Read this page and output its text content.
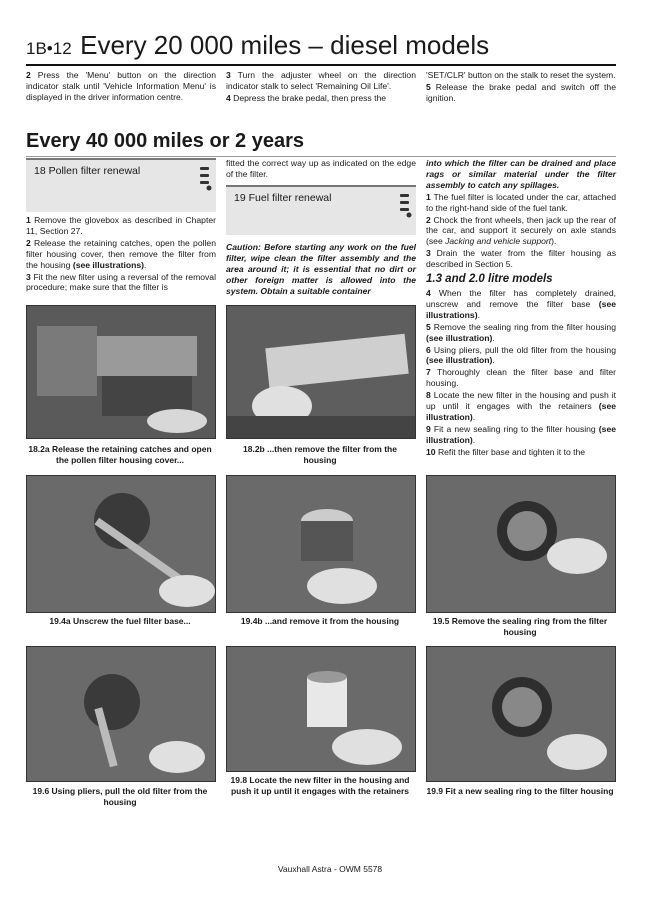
1B•12 Every 20 000 miles – diesel models

2 Press the 'Menu' button on the direction indicator stalk until 'Vehicle Information Menu' is displayed in the driver information centre.

3 Turn the adjuster wheel on the direction indicator stalk to select 'Remaining Oil Life'.

4 Depress the brake pedal, then press the

'SET/CLR' button on the stalk to reset the system.

5 Release the brake pedal and switch off the ignition.

Every 40 000 miles or 2 years
18 Pollen filter renewal

1 Remove the glovebox as described in Chapter 11, Section 27.

2 Release the retaining catches, open the pollen filter housing cover, then remove the filter from the housing (see illustrations).

3 Fit the new filter using a reversal of the removal procedure; make sure that the filter is

fitted the correct way up as indicated on the edge of the filter.
19 Fuel filter renewal
Caution: Before starting any work on the fuel filter, wipe clean the filter assembly and the area around it; it is essential that no dirt or other foreign matter is allowed into the system. Obtain a suitable container

into which the filter can be drained and place rags or similar material under the filter assembly to catch any spillages.

1 The fuel filter is located under the car, attached to the right-hand side of the fuel tank.

2 Chock the front wheels, then jack up the rear of the car, and support it securely on axle stands (see Jacking and vehicle support).

3 Drain the water from the filter housing as described in Section 5.

1.3 and 2.0 litre models

4 When the filter has completely drained, unscrew and remove the filter base (see illustrations).

5 Remove the sealing ring from the filter housing (see illustration).

6 Using pliers, pull the old filter from the housing (see illustration).

7 Thoroughly clean the filter base and filter housing.

8 Locate the new filter in the housing and push it up until it engages with the retainers (see illustration).

9 Fit a new sealing ring to the filter housing (see illustration).

10 Refit the filter base and tighten it to the

18.2a Release the retaining catches and open the pollen filter housing cover...
18.2b ...then remove the filter from the housing
19.4a Unscrew the fuel filter base...	19.4b ...and remove it from the housing	19.5 Remove the sealing ring from the filter housing
19.6 Using pliers, pull the old filter from the housing
19.8 Locate the new filter in the housing and push it up until it engages with the retainers	19.9 Fit a new sealing ring to the filter housing
Vauxhall Astra - OWM 5578
